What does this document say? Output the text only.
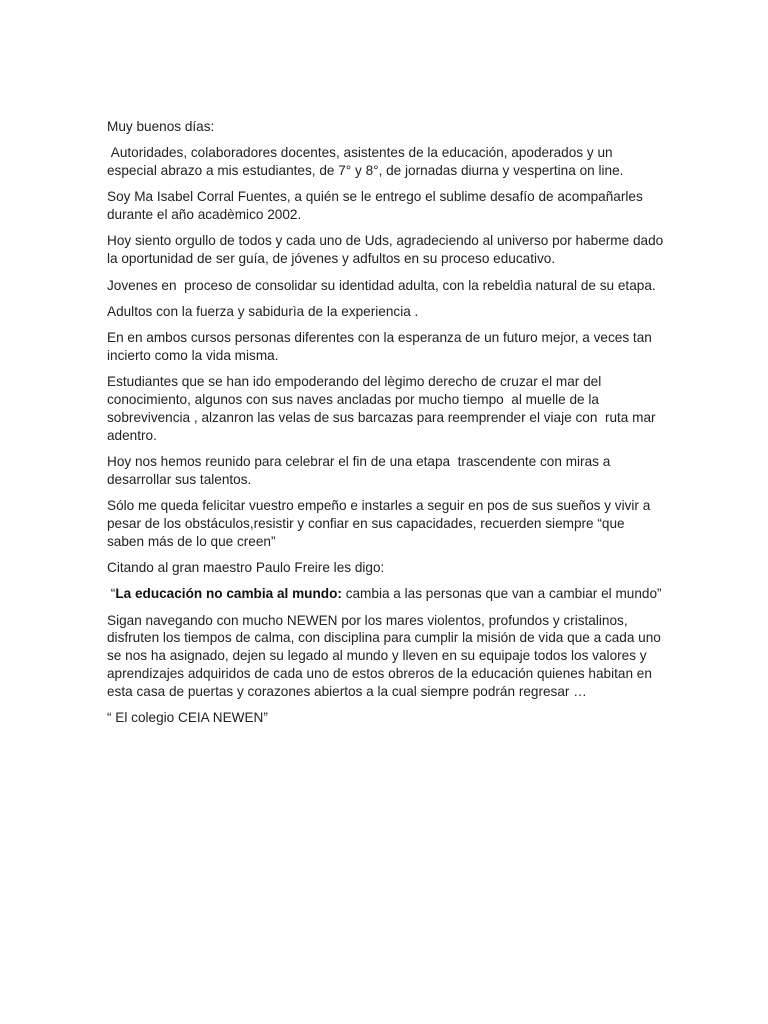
Muy buenos días:

Autoridades, colaboradores docentes, asistentes de la educación, apoderados y un especial abrazo a mis estudiantes, de 7° y 8°, de jornadas diurna y vespertina on line.

Soy Ma Isabel Corral Fuentes, a quién se le entrego el sublime desafío de acompañarles durante el año acadèmico 2002.

Hoy siento orgullo de todos y cada uno de Uds, agradeciendo al universo por haberme dado la oportunidad de ser guía, de jóvenes y adfultos en su proceso educativo.

Jovenes en  proceso de consolidar su identidad adulta, con la rebeldìa natural de su etapa.

Adultos con la fuerza y sabidurìa de la experiencia .

En en ambos cursos personas diferentes con la esperanza de un futuro mejor, a veces tan incierto como la vida misma.

Estudiantes que se han ido empoderando del lègimo derecho de cruzar el mar del conocimiento, algunos con sus naves ancladas por mucho tiempo  al muelle de la sobrevivencia , alzanron las velas de sus barcazas para reemprender el viaje con  ruta mar adentro.

Hoy nos hemos reunido para celebrar el fin de una etapa  trascendente con miras a desarrollar sus talentos.

Sólo me queda felicitar vuestro empeño e instarles a seguir en pos de sus sueños y vivir a pesar de los obstáculos,resistir y confiar en sus capacidades, recuerden siempre “que saben más de lo que creen”

Citando al gran maestro Paulo Freire les digo:

“La educación no cambia al mundo: cambia a las personas que van a cambiar el mundo”

Sigan navegando con mucho NEWEN por los mares violentos, profundos y cristalinos, disfruten los tiempos de calma, con disciplina para cumplir la misión de vida que a cada uno se nos ha asignado, dejen su legado al mundo y lleven en su equipaje todos los valores y aprendizajes adquiridos de cada uno de estos obreros de la educación quienes habitan en esta casa de puertas y corazones abiertos a la cual siempre podrán regresar …

“ El colegio CEIA NEWEN”
